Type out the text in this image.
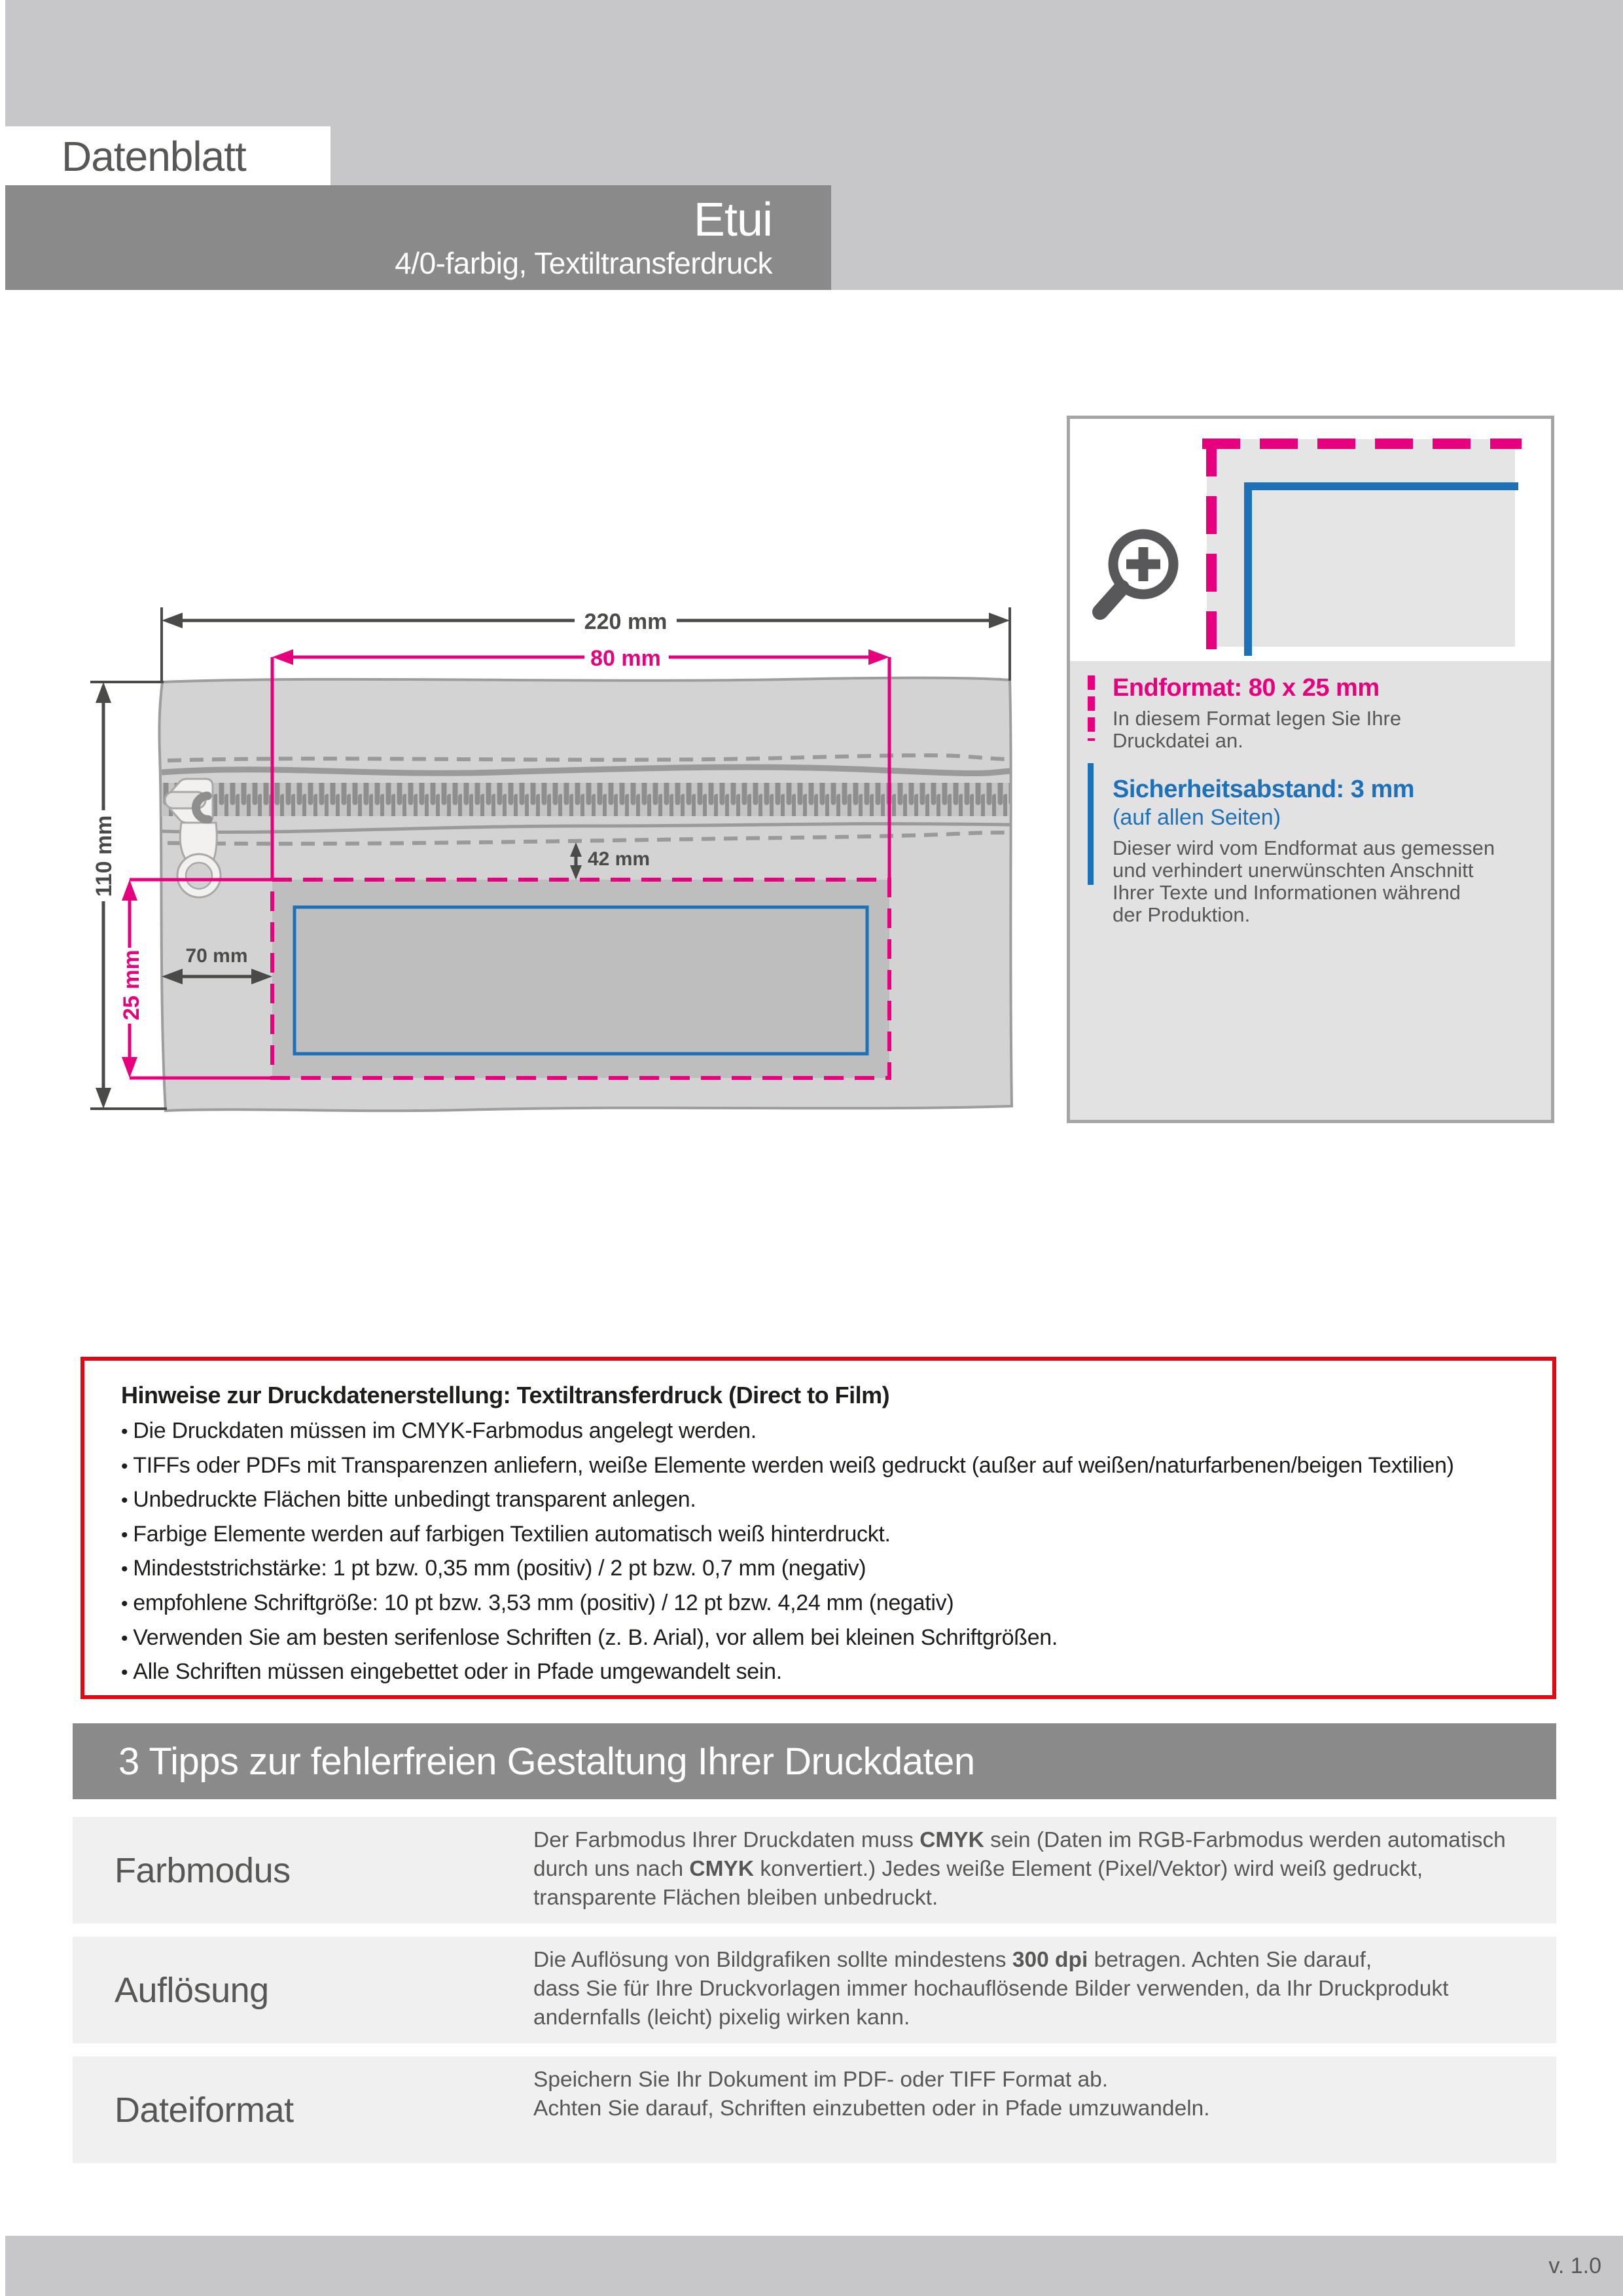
Datenblatt
Etui
4/0-farbig, Textiltransferdruck
220 mm
80 mm
110 mm
25 mm 70 mm
42 mm
Endformat: 80 x 25 mm
In diesem Format legen Sie Ihre
Druckdatei an.
Sicherheitsabstand: 3 mm
(auf allen Seiten)
Dieser wird vom Endformat aus gemessen
und verhindert unerwünschten Anschnitt
Ihrer Texte und Informationen während
der Produktion.
Hinweise zur Druckdatenerstellung: Textiltransferdruck (Direct to Film)
• Die Druckdaten müssen im CMYK-Farbmodus angelegt werden.
• TIFFs oder PDFs mit Transparenzen anliefern, weiße Elemente werden weiß gedruckt (außer auf weißen/naturfarbenen/beigen Textilien)
• Unbedruckte Flächen bitte unbedingt transparent anlegen.
• Farbige Elemente werden auf farbigen Textilien automatisch weiß hinterdruckt.
• Mindeststrichstärke: 1 pt bzw. 0,35 mm (positiv) / 2 pt bzw. 0,7 mm (negativ)
• empfohlene Schriftgröße: 10 pt bzw. 3,53 mm (positiv) / 12 pt bzw. 4,24 mm (negativ)
• Verwenden Sie am besten serifenlose Schriften (z. B. Arial), vor allem bei kleinen Schriftgrößen.
• Alle Schriften müssen eingebettet oder in Pfade umgewandelt sein.
3 Tipps zur fehlerfreien Gestaltung Ihrer Druckdaten
Farbmodus
Der Farbmodus Ihrer Druckdaten muss CMYK sein (Daten im RGB-Farbmodus werden automatisch
durch uns nach CMYK konvertiert.) Jedes weiße Element (Pixel/Vektor) wird weiß gedruckt,
transparente Flächen bleiben unbedruckt.
Auflösung
Die Auflösung von Bildgrafiken sollte mindestens 300 dpi betragen. Achten Sie darauf,
dass Sie für Ihre Druckvorlagen immer hochauflösende Bilder verwenden, da Ihr Druckprodukt
andernfalls (leicht) pixelig wirken kann.
Dateiformat
Speichern Sie Ihr Dokument im PDF- oder TIFF Format ab.
Achten Sie darauf, Schriften einzubetten oder in Pfade umzuwandeln.
v. 1.0
